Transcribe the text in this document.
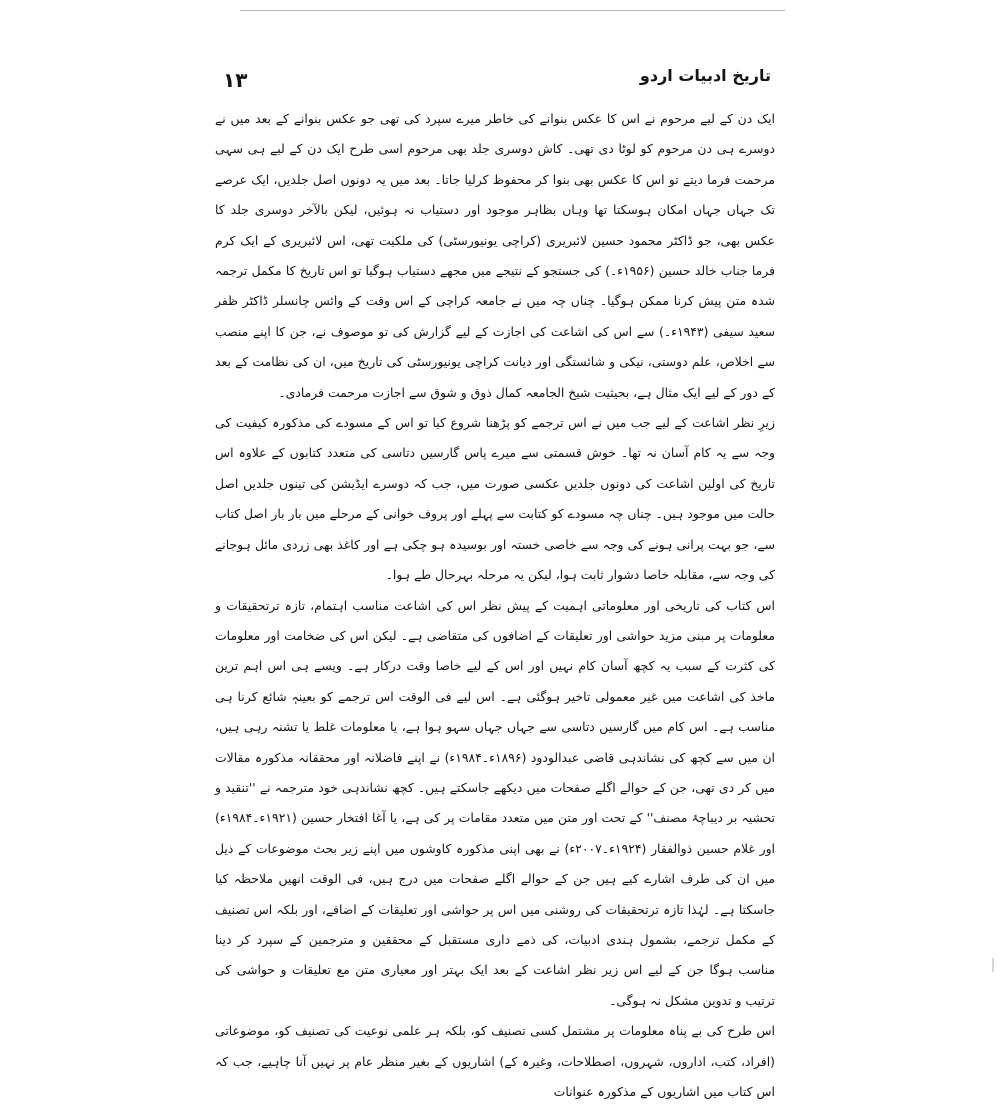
تاریخ ادبیات اردو
۱۳

ایک دن کے لیے مرحوم نے اس کا عکس بنوانے کی خاطر میرے سپرد کی تھی جو عکس بنوانے کے بعد میں نے دوسرے ہی دن مرحوم کو لوٹا دی تھی۔ کاش دوسری جلد بھی مرحوم اسی طرح ایک دن کے لیے ہی سہی مرحمت فرما دیتے تو اس کا عکس بھی بنوا کر محفوظ کرلیا جاتا۔ بعد میں یہ دونوں اصل جلدیں، ایک عرصے تک جہاں جہاں امکان ہوسکتا تھا وہاں بظاہر موجود اور دستیاب نہ ہوئیں، لیکن بالآخر دوسری جلد کا عکس بھی، جو ڈاکٹر محمود حسین لائبریری (کراچی یونیورسٹی) کی ملکیت تھی، اس لائبریری کے ایک کرم فرما جناب خالد حسین (۱۹۵۶ء۔) کی جستجو کے نتیجے میں مجھے دستیاب ہوگیا تو اس تاریخ کا مکمل ترجمہ شدہ متن پیش کرنا ممکن ہوگیا۔ چناں چہ میں نے جامعہ کراچی کے اس وقت کے وائس چانسلر ڈاکٹر ظفر سعید سیفی (۱۹۴۳ء۔) سے اس کی اشاعت کی اجازت کے لیے گزارش کی تو موصوف نے، جن کا اپنے منصب سے اخلاص، علم دوستی، نیکی و شائستگی اور دیانت کراچی یونیورسٹی کی تاریخ میں، ان کی نظامت کے بعد کے دور کے لیے ایک مثال ہے، بحیثیت شیخ الجامعہ کمال ذوق و شوق سے اجازت مرحمت فرمادی۔

زیرِ نظر اشاعت کے لیے جب میں نے اس ترجمے کو پڑھنا شروع کیا تو اس کے مسودے کی مذکورہ کیفیت کی وجہ سے یہ کام آسان نہ تھا۔ خوش قسمتی سے میرے پاس گارسیں دتاسی کی متعدد کتابوں کے علاوہ اس تاریخ کی اولین اشاعت کی دونوں جلدیں عکسی صورت میں، جب کہ دوسرے ایڈیشن کی تینوں جلدیں اصل حالت میں موجود ہیں۔ چناں چہ مسودے کو کتابت سے پہلے اور پروف خوانی کے مرحلے میں بار بار اصل کتاب سے، جو بہت پرانی ہونے کی وجہ سے خاصی خستہ اور بوسیدہ ہو چکی ہے اور کاغذ بھی زردی مائل ہوجانے کی وجہ سے، مقابلہ خاصا دشوار ثابت ہوا، لیکن یہ مرحلہ بہرحال طے ہوا۔

اس کتاب کی تاریخی اور معلوماتی اہمیت کے پیش نظر اس کی اشاعت مناسب اہتمام، تازہ ترتحقیقات و معلومات پر مبنی مزید حواشی اور تعلیقات کے اضافوں کی متقاضی ہے۔ لیکن اس کی ضخامت اور معلومات کی کثرت کے سبب یہ کچھ آسان کام نہیں اور اس کے لیے خاصا وقت درکار ہے۔ ویسے ہی اس اہم ترین ماخذ کی اشاعت میں غیر معمولی تاخیر ہوگئی ہے۔ اس لیے فی الوقت اس ترجمے کو بعینہٖ شائع کرنا ہی مناسب ہے۔ اس کام میں گارسیں دتاسی سے جہاں جہاں سہو ہوا ہے، یا معلومات غلط یا تشنہ رہی ہیں، ان میں سے کچھ کی نشاندہی قاضی عبدالودود (۱۸۹۶ء۔۱۹۸۴ء) نے اپنے فاضلانہ اور محققانہ مذکورہ مقالات میں کر دی تھی، جن کے حوالے اگلے صفحات میں دیکھے جاسکتے ہیں۔ کچھ نشاندہی خود مترجمہ نے ''تنقید و تحشیہ بر دیباچۂ مصنف'' کے تحت اور متن میں متعدد مقامات پر کی ہے، یا آغا افتخار حسین (۱۹۲۱ء۔۱۹۸۴ء) اور غلام حسین ذوالفقار (۱۹۲۴ء۔۲۰۰۷ء) نے بھی اپنی مذکورہ کاوشوں میں اپنے زیر بحث موضوعات کے ذیل میں ان کی طرف اشارے کیے ہیں جن کے حوالے اگلے صفحات میں درج ہیں، فی الوقت انھیں ملاحظہ کیا جاسکتا ہے۔ لہٰذا تازہ ترتحقیقات کی روشنی میں اس پر حواشی اور تعلیقات کے اضافے، اور بلکہ اس تصنیف کے مکمل ترجمے، بشمول ہندی ادبیات، کی ذمے داری مستقبل کے محققین و مترجمین کے سپرد کر دینا مناسب ہوگا جن کے لیے اس زیر نظر اشاعت کے بعد ایک بہتر اور معیاری متن مع تعلیقات و حواشی کی ترتیب و تدوین مشکل نہ ہوگی۔

اس طرح کی بے پناہ معلومات پر مشتمل کسی تصنیف کو، بلکہ ہر علمی نوعیت کی تصنیف کو، موضوعاتی (افراد، کتب، اداروں، شہروں، اصطلاحات، وغیرہ کے) اشاریوں کے بغیر منظر عام پر نہیں آنا چاہیے، جب کہ اس کتاب میں اشاریوں کے مذکورہ عنوانات
